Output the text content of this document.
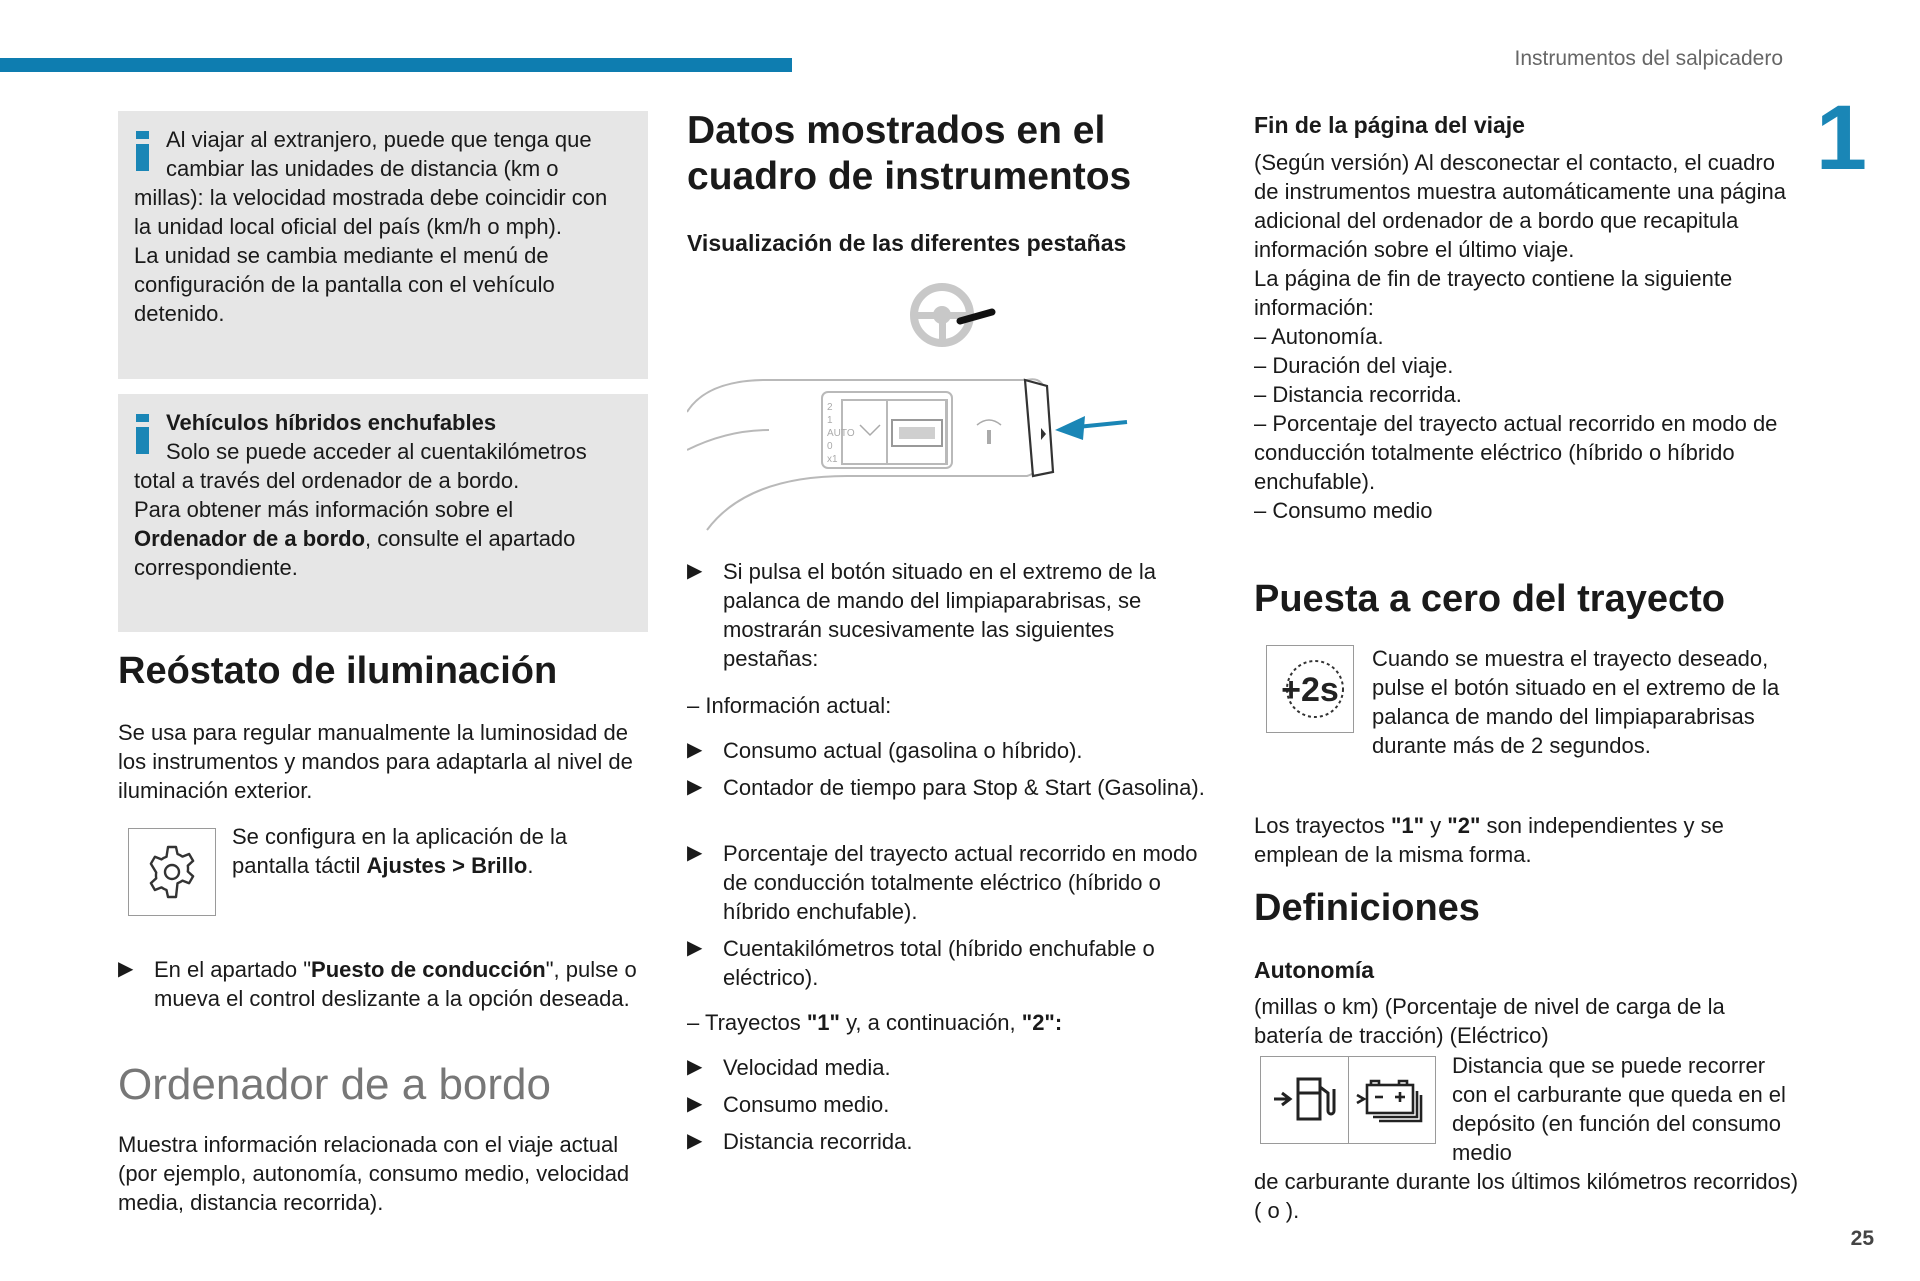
Instrumentos del salpicadero
1
25

Al viajar al extranjero, puede que tenga que cambiar las unidades de distancia (km o millas): la velocidad mostrada debe coincidir con la unidad local oficial del país (km/h o mph).

La unidad se cambia mediante el menú de configuración de la pantalla con el vehículo detenido.

Vehículos híbridos enchufables

Solo se puede acceder al cuentakilómetros total a través del ordenador de a bordo.

Para obtener más información sobre el Ordenador de a bordo, consulte el apartado correspondiente.

Reóstato de iluminación

Se usa para regular manualmente la luminosidad de los instrumentos y mandos para adaptarla al nivel de iluminación exterior.

Se configura en la aplicación de la pantalla táctil Ajustes > Brillo.

▶ En el apartado "Puesto de conducción", pulse o mueva el control deslizante a la opción deseada.
Ordenador de a bordo

Muestra información relacionada con el viaje actual (por ejemplo, autonomía, consumo medio, velocidad media, distancia recorrida).

Datos mostrados en el cuadro de instrumentos
Visualización de las diferentes pestañas
2
1
AUTO
0
x1
▶ Si pulsa el botón situado en el extremo de la palanca de mando del limpiaparabrisas, se mostrarán sucesivamente las siguientes pestañas:

– Información actual:

▶ Consumo actual (gasolina o híbrido).
▶ Contador de tiempo para Stop & Start (Gasolina).
▶ Porcentaje del trayecto actual recorrido en modo de conducción totalmente eléctrico (híbrido o híbrido enchufable).
▶ Cuentakilómetros total (híbrido enchufable o eléctrico).

– Trayectos "1" y, a continuación, "2":

▶ Velocidad media.
▶ Consumo medio.
▶ Distancia recorrida.
Fin de la página del viaje

(Según versión) Al desconectar el contacto, el cuadro de instrumentos muestra automáticamente una página adicional del ordenador de a bordo que recapitula información sobre el último viaje.

La página de fin de trayecto contiene la siguiente información:

– Autonomía.

– Duración del viaje.

– Distancia recorrida.

– Porcentaje del trayecto actual recorrido en modo de conducción totalmente eléctrico (híbrido o híbrido enchufable).

– Consumo medio

Puesta a cero del trayecto
+2s

Cuando se muestra el trayecto deseado, pulse el botón situado en el extremo de la palanca de mando del limpiaparabrisas durante más de 2 segundos.

Los trayectos "1" y "2" son independientes y se emplean de la misma forma.

Definiciones
Autonomía

(millas o km) (Porcentaje de nivel de carga de la batería de tracción) (Eléctrico)

Distancia que se puede recorrer con el carburante que queda en el depósito (en función del consumo medio

de carburante durante los últimos kilómetros recorridos) ( o ).
